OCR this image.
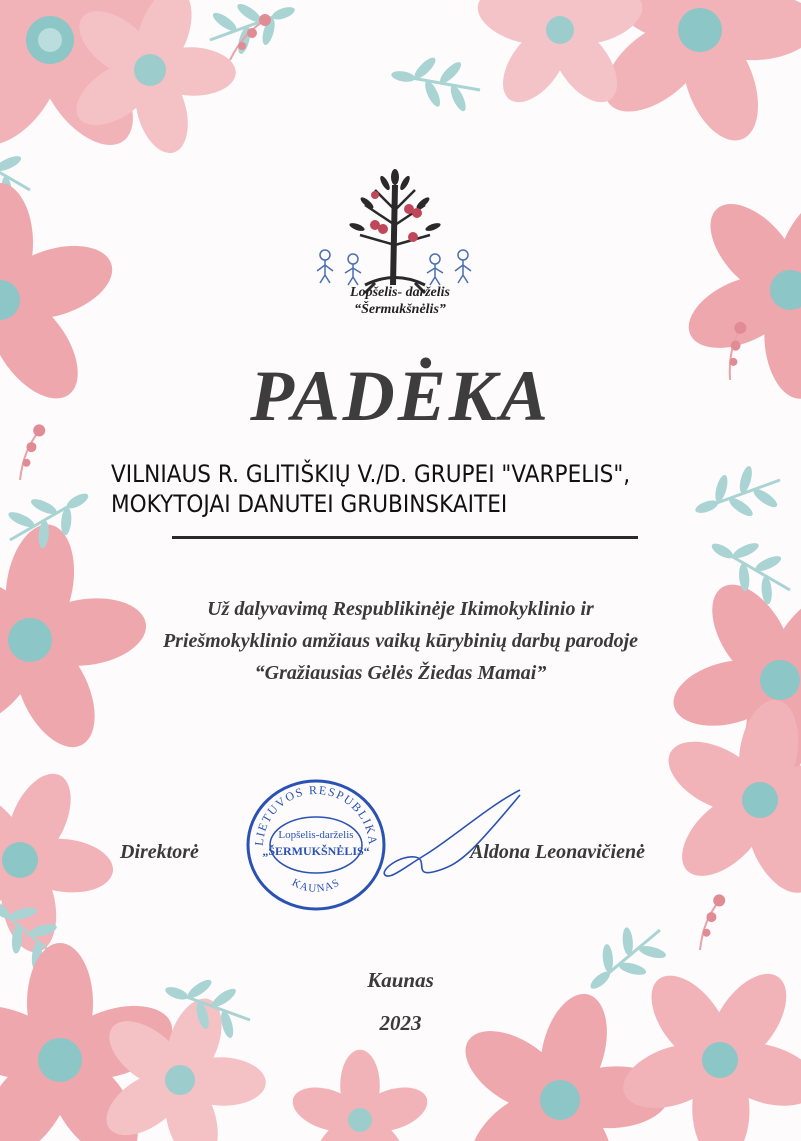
Lopšelis- darželis
“Šermukšnėlis”
PADĖKA
VILNIAUS R. GLITIŠKIŲ V./D. GRUPEI "VARPELIS",
MOKYTOJAI DANUTEI GRUBINSKAITEI
Už dalyvavimą Respublikinėje Ikimokyklinio ir
Priešmokyklinio amžiaus vaikų kūrybinių darbų parodoje
“Gražiausias Gėlės Žiedas Mamai”
Direktorė	LIETUVOS RESPUBLIKA
Lopšelis-darželis
„ŠERMUKŠNĖLIS“
KAUNAS
Aldona Leonavičienė
Kaunas
2023
